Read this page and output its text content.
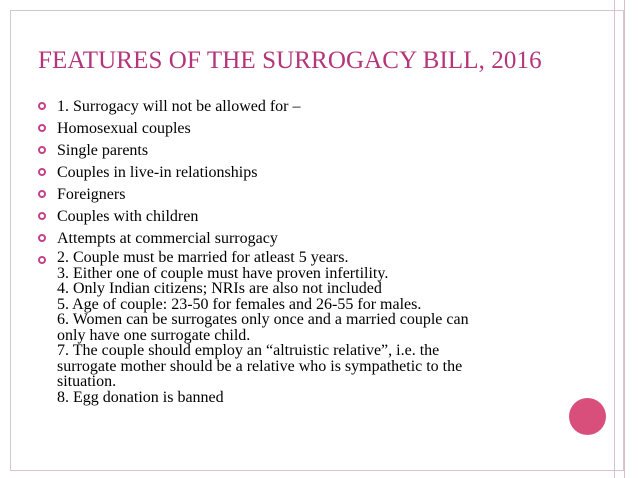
FEATURES OF THE SURROGACY BILL, 2016
1. Surrogacy will not be allowed for –
Homosexual couples
Single parents
Couples in live-in relationships
Foreigners
Couples with children
Attempts at commercial surrogacy
2. Couple must be married for atleast 5 years.
3. Either one of couple must have proven infertility.
4. Only Indian citizens; NRIs are also not included
5. Age of couple: 23-50 for females and 26-55 for males.
6. Women can be surrogates only once and a married couple can
only have one surrogate child.
7. The couple should employ an “altruistic relative”, i.e. the
surrogate mother should be a relative who is sympathetic to the
situation.
8. Egg donation is banned
